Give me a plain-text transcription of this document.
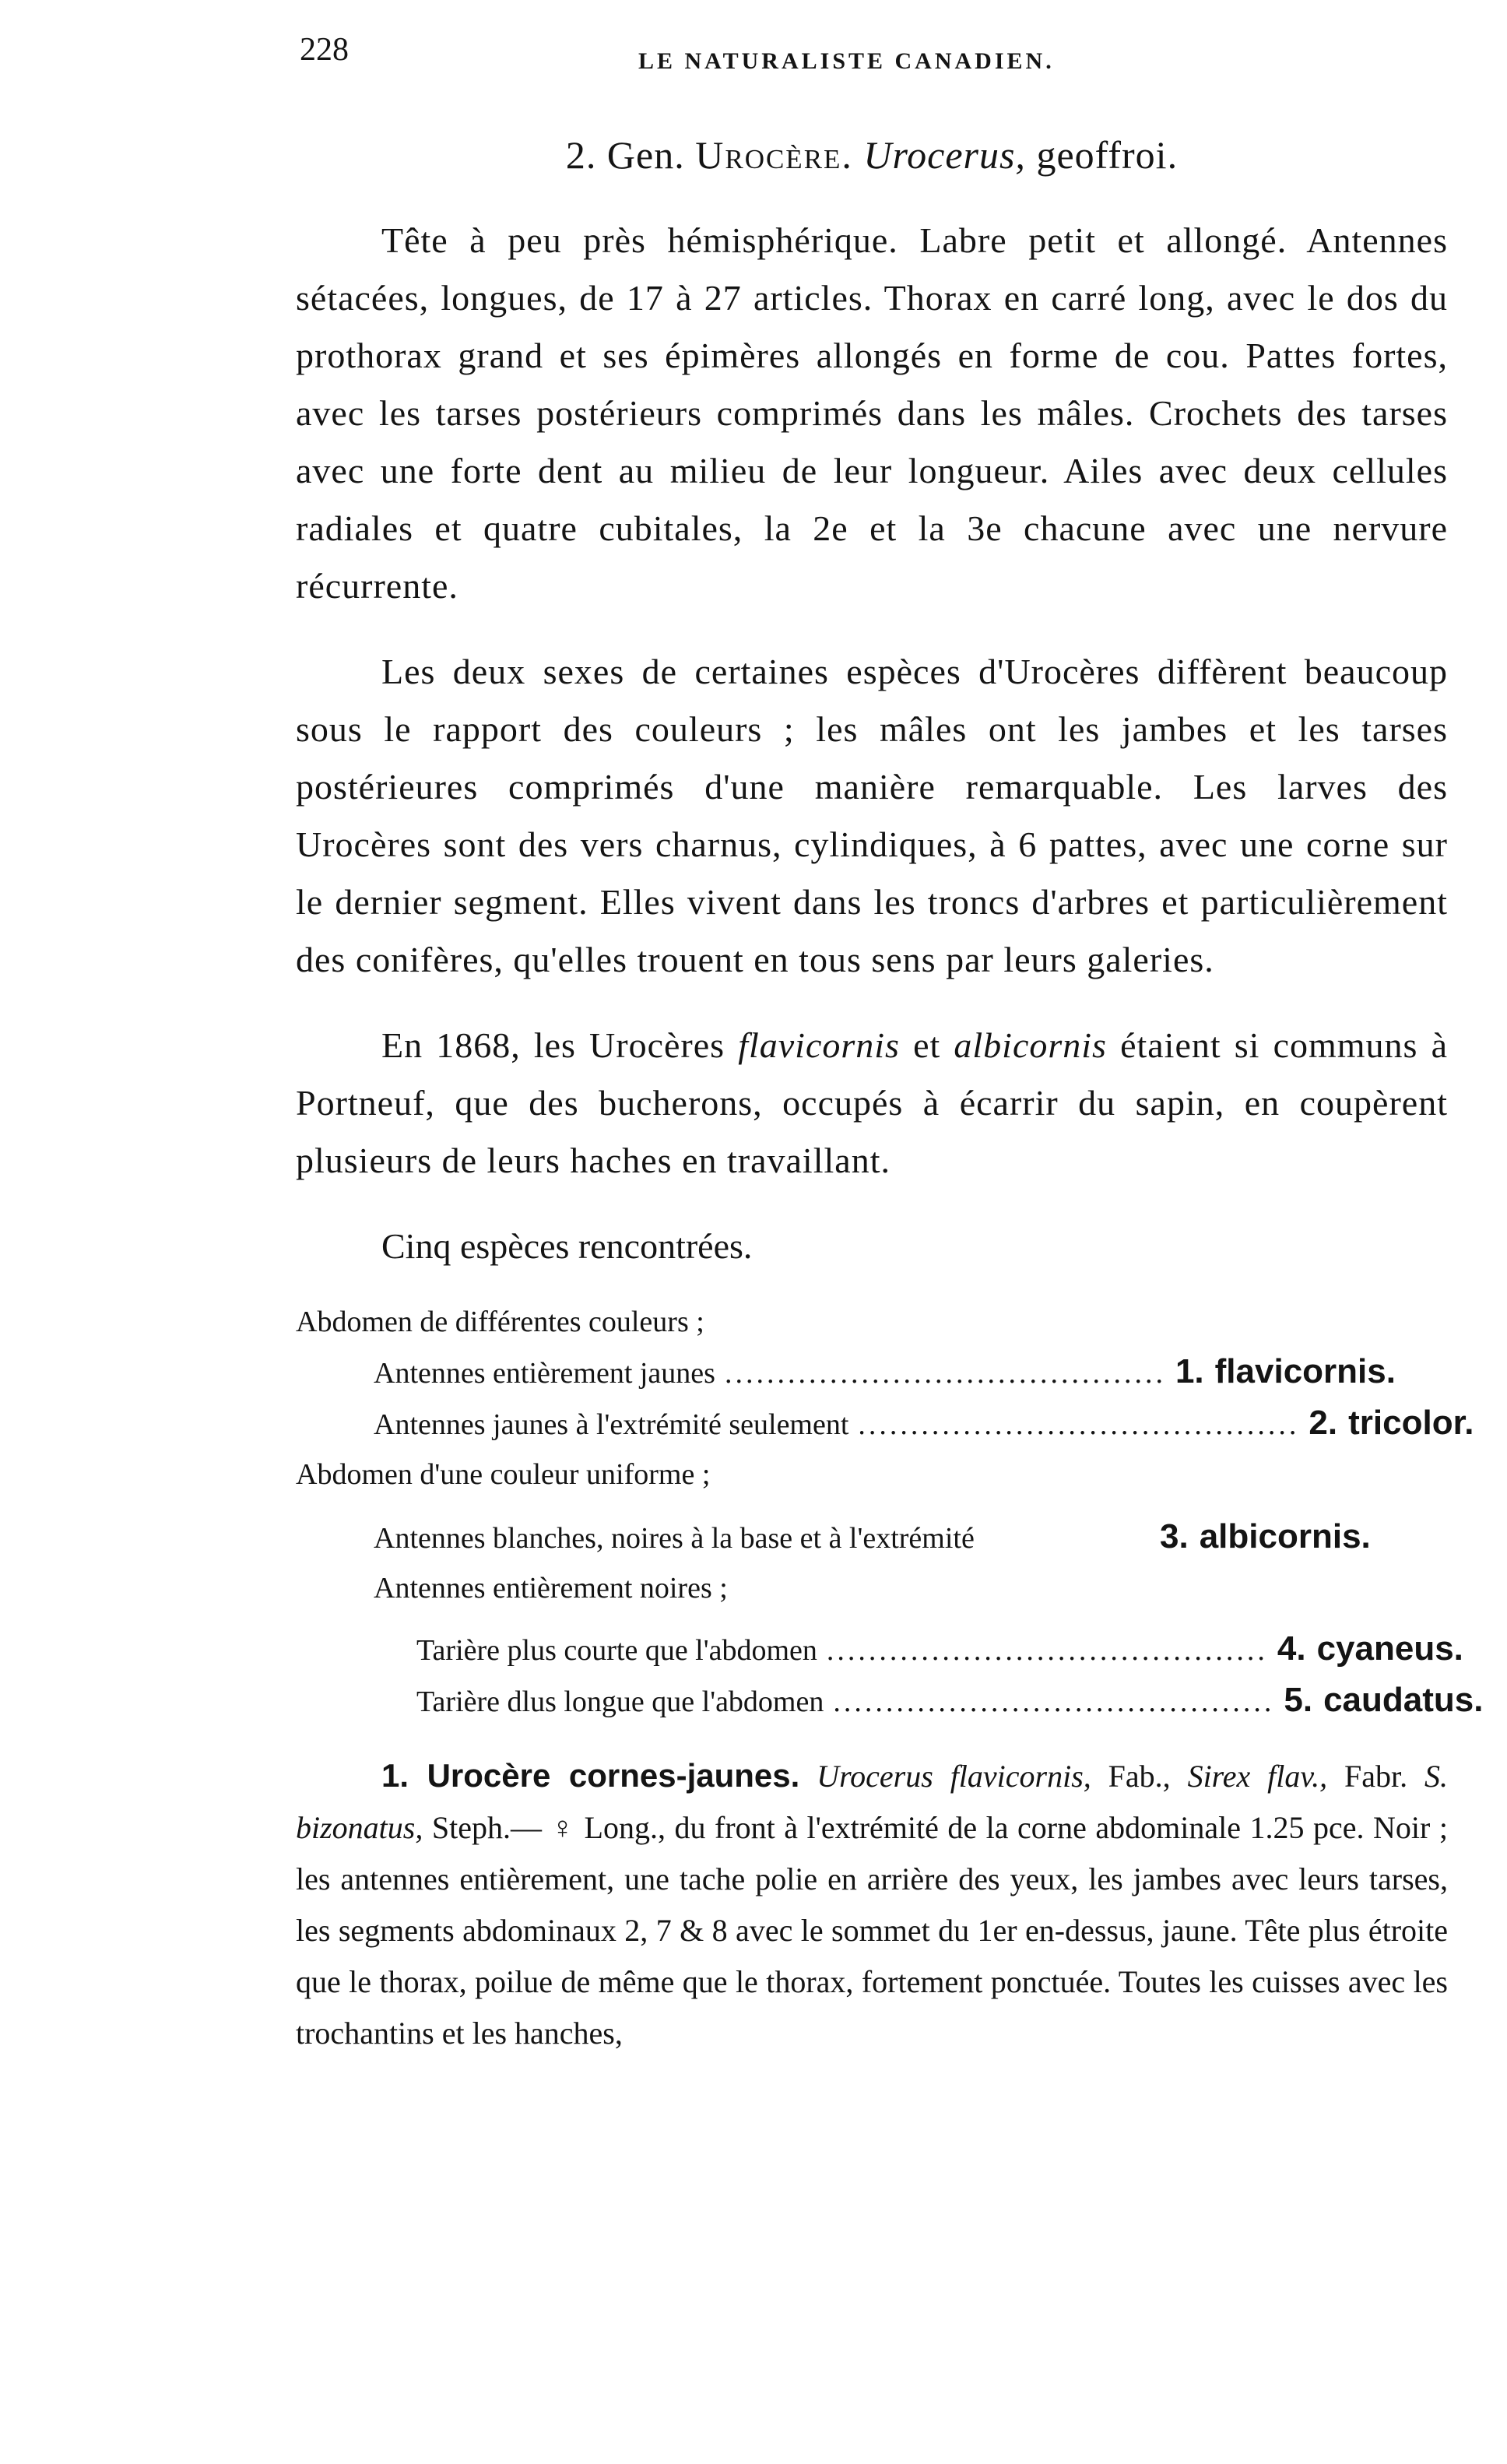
228	LE NATURALISTE CANADIEN.
2. Gen. Urocère. Urocerus, geoffroi.

Tête à peu près hémisphérique. Labre petit et allongé. Antennes sétacées, longues, de 17 à 27 articles. Thorax en carré long, avec le dos du prothorax grand et ses épimères allongés en forme de cou. Pattes fortes, avec les tarses postérieurs comprimés dans les mâles. Crochets des tarses avec une forte dent au milieu de leur longueur. Ailes avec deux cellules radiales et quatre cubitales, la 2e et la 3e chacune avec une nervure récurrente.

Les deux sexes de certaines espèces d'Urocères diffèrent beaucoup sous le rapport des couleurs ; les mâles ont les jambes et les tarses postérieures comprimés d'une manière remarquable. Les larves des Urocères sont des vers charnus, cylindiques, à 6 pattes, avec une corne sur le dernier segment. Elles vivent dans les troncs d'arbres et particulièrement des conifères, qu'elles trouent en tous sens par leurs galeries.

En 1868, les Urocères flavicornis et albicornis étaient si communs à Portneuf, que des bucherons, occupés à écarrir du sapin, en coupèrent plusieurs de leurs haches en travaillant.

Cinq espèces rencontrées.

Abdomen de différentes couleurs ;
Antennes entièrement jaunes .......................................... 1. flavicornis.
Antennes jaunes à l'extrémité seulement .......................................... 2. tricolor.
Abdomen d'une couleur uniforme ;
Antennes blanches, noires à la base et à l'extrémité	3. albicornis.
Antennes entièrement noires ;
Tarière plus courte que l'abdomen .......................................... 4. cyaneus.
Tarière dlus longue que l'abdomen .......................................... 5. caudatus.

1. Urocère cornes-jaunes. Urocerus flavicornis, Fab., Sirex flav., Fabr. S. bizonatus, Steph.— ♀ Long., du front à l'extrémité de la corne abdominale 1.25 pce. Noir ; les antennes entièrement, une tache polie en arrière des yeux, les jambes avec leurs tarses, les segments abdominaux 2, 7 & 8 avec le sommet du 1er en-dessus, jaune. Tête plus étroite que le thorax, poilue de même que le thorax, fortement ponctuée. Toutes les cuisses avec les trochantins et les hanches,
